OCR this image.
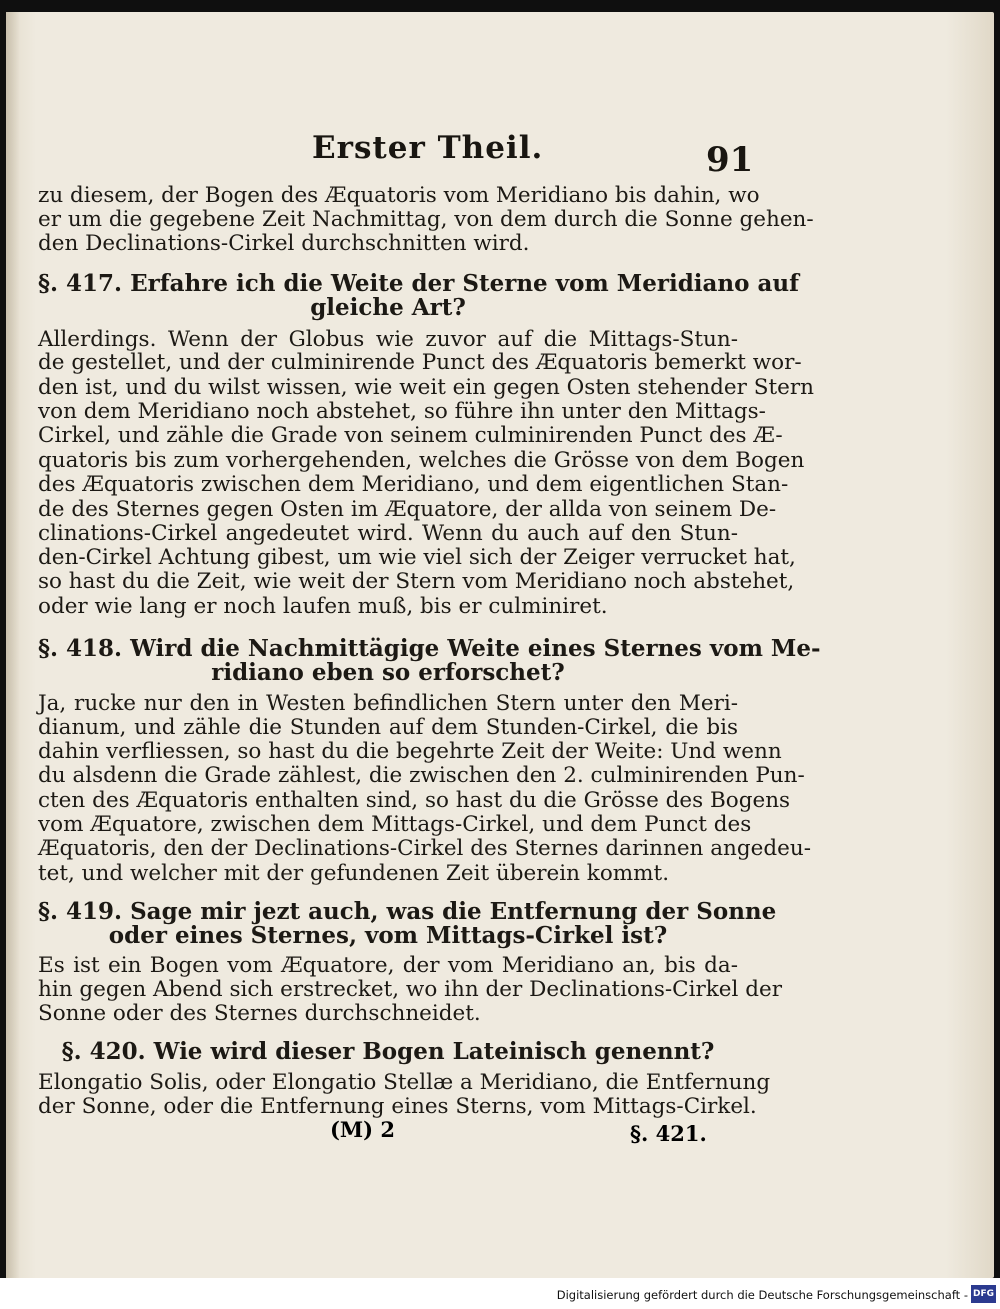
Erster Theil.	91
zu diesem, der Bogen des Æquatoris vom Meridiano bis dahin, wo
er um die gegebene Zeit Nachmittag, von dem durch die Sonne gehen-
den Declinations-Cirkel durchschnitten wird.
§. 417. Erfahre ich die Weite der Sterne vom Meridiano auf
gleiche Art?
Allerdings. Wenn der Globus wie zuvor auf die Mittags-Stun-
de gestellet, und der culminirende Punct des Æquatoris bemerkt wor-
den ist, und du wilst wissen, wie weit ein gegen Osten stehender Stern
von dem Meridiano noch abstehet, so führe ihn unter den Mittags-
Cirkel, und zähle die Grade von seinem culminirenden Punct des Æ-
quatoris bis zum vorhergehenden, welches die Grösse von dem Bogen
des Æquatoris zwischen dem Meridiano, und dem eigentlichen Stan-
de des Sternes gegen Osten im Æquatore, der allda von seinem De-
clinations-Cirkel angedeutet wird. Wenn du auch auf den Stun-
den-Cirkel Achtung gibest, um wie viel sich der Zeiger verrucket hat,
so hast du die Zeit, wie weit der Stern vom Meridiano noch abstehet,
oder wie lang er noch laufen muß, bis er culminiret.
§. 418. Wird die Nachmittägige Weite eines Sternes vom Me-
ridiano eben so erforschet?
Ja, rucke nur den in Westen befindlichen Stern unter den Meri-
dianum, und zähle die Stunden auf dem Stunden-Cirkel, die bis
dahin verfliessen, so hast du die begehrte Zeit der Weite: Und wenn
du alsdenn die Grade zählest, die zwischen den 2. culminirenden Pun-
cten des Æquatoris enthalten sind, so hast du die Grösse des Bogens
vom Æquatore, zwischen dem Mittags-Cirkel, und dem Punct des
Æquatoris, den der Declinations-Cirkel des Sternes darinnen angedeu-
tet, und welcher mit der gefundenen Zeit überein kommt.
§. 419. Sage mir jezt auch, was die Entfernung der Sonne
oder eines Sternes, vom Mittags-Cirkel ist?
Es ist ein Bogen vom Æquatore, der vom Meridiano an, bis da-
hin gegen Abend sich erstrecket, wo ihn der Declinations-Cirkel der
Sonne oder des Sternes durchschneidet.
§. 420. Wie wird dieser Bogen Lateinisch genennt?
Elongatio Solis, oder Elongatio Stellæ a Meridiano, die Entfernung
der Sonne, oder die Entfernung eines Sterns, vom Mittags-Cirkel.
(M) 2	§. 421.
Digitalisierung gefördert durch die Deutsche Forschungsgemeinschaft - DFG
